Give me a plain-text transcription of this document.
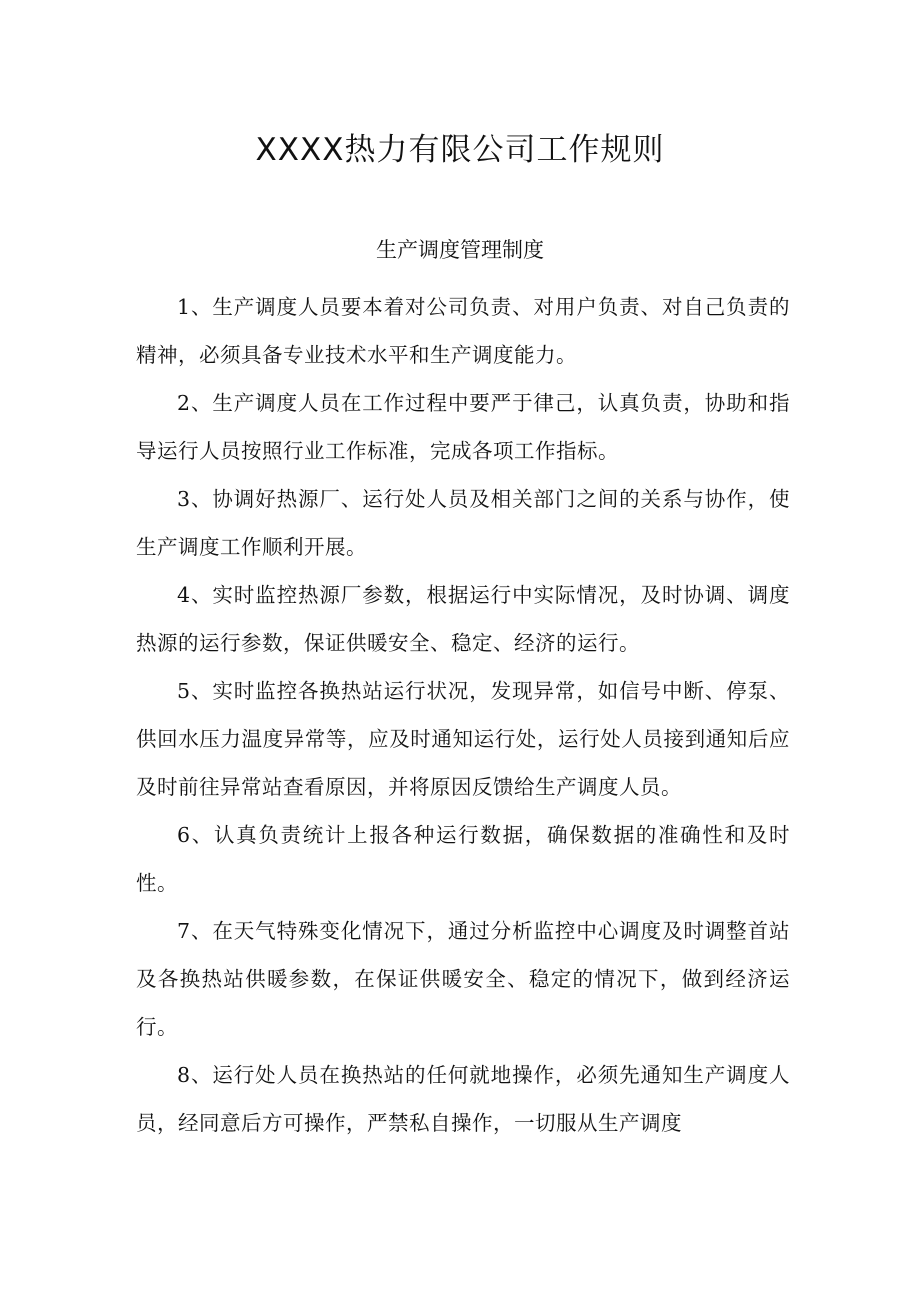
XXXX热力有限公司工作规则
生产调度管理制度

1、生产调度人员要本着对公司负责、对用户负责、对自己负责的精神，必须具备专业技术水平和生产调度能力。

2、生产调度人员在工作过程中要严于律己，认真负责，协助和指导运行人员按照行业工作标准，完成各项工作指标。

3、协调好热源厂、运行处人员及相关部门之间的关系与协作，使生产调度工作顺利开展。

4、实时监控热源厂参数，根据运行中实际情况，及时协调、调度热源的运行参数，保证供暖安全、稳定、经济的运行。

5、实时监控各换热站运行状况，发现异常，如信号中断、停泵、供回水压力温度异常等，应及时通知运行处，运行处人员接到通知后应及时前往异常站查看原因，并将原因反馈给生产调度人员。

6、认真负责统计上报各种运行数据，确保数据的准确性和及时性。

7、在天气特殊变化情况下，通过分析监控中心调度及时调整首站及各换热站供暖参数，在保证供暖安全、稳定的情况下，做到经济运行。

8、运行处人员在换热站的任何就地操作，必须先通知生产调度人员，经同意后方可操作，严禁私自操作，一切服从生产调度
